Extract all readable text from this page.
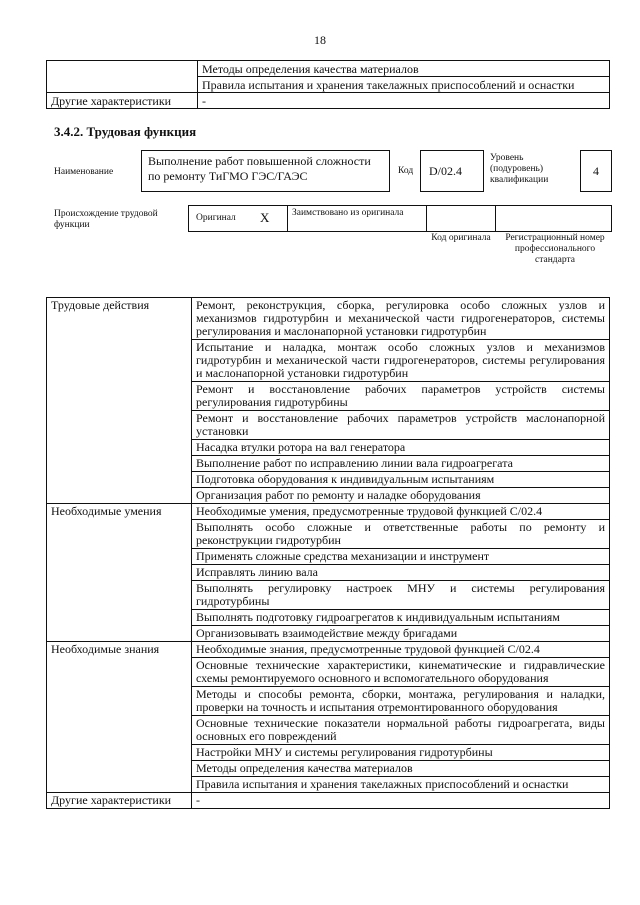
18
	Методы определения качества материалов
	Правила испытания и хранения такелажных приспособлений и оснастки
Другие характеристики	-
3.4.2. Трудовая функция
Наименование
Выполнение работ повышенной сложности по ремонту ТиГМО ГЭС/ГАЭС	Код	D/02.4
Уровень (подуровень) квалификации
4
Происхождение трудовой функции
Оригинал X Заимствовано из оригинала
Код оригинала	Регистрационный номер профессионального стандарта
Трудовые действия	Ремонт, реконструкция, сборка, регулировка особо сложных узлов и механизмов гидротурбин и механической части гидрогенераторов, системы регулирования и маслонапорной установки гидротурбин
	Испытание и наладка, монтаж особо сложных узлов и механизмов гидротурбин и механической части гидрогенераторов, системы регулирования и маслонапорной установки гидротурбин
	Ремонт и восстановление рабочих параметров устройств системы регулирования гидротурбины
	Ремонт и восстановление рабочих параметров устройств маслонапорной установки
	Насадка втулки ротора на вал генератора
	Выполнение работ по исправлению линии вала гидроагрегата
	Подготовка оборудования к индивидуальным испытаниям
	Организация работ по ремонту и наладке оборудования
Необходимые умения	Необходимые умения, предусмотренные трудовой функцией С/02.4
	Выполнять особо сложные и ответственные работы по ремонту и реконструкции гидротурбин
	Применять сложные средства механизации и инструмент
	Исправлять линию вала
	Выполнять регулировку настроек МНУ и системы регулирования гидротурбины
	Выполнять подготовку гидроагрегатов к индивидуальным испытаниям
	Организовывать взаимодействие между бригадами
Необходимые знания	Необходимые знания, предусмотренные трудовой функцией С/02.4
	Основные технические характеристики, кинематические и гидравлические схемы ремонтируемого основного и вспомогательного оборудования
	Методы и способы ремонта, сборки, монтажа, регулирования и наладки, проверки на точность и испытания отремонтированного оборудования
	Основные технические показатели нормальной работы гидроагрегата, виды основных его повреждений
	Настройки МНУ и системы регулирования гидротурбины
	Методы определения качества материалов
	Правила испытания и хранения такелажных приспособлений и оснастки
Другие характеристики	-
